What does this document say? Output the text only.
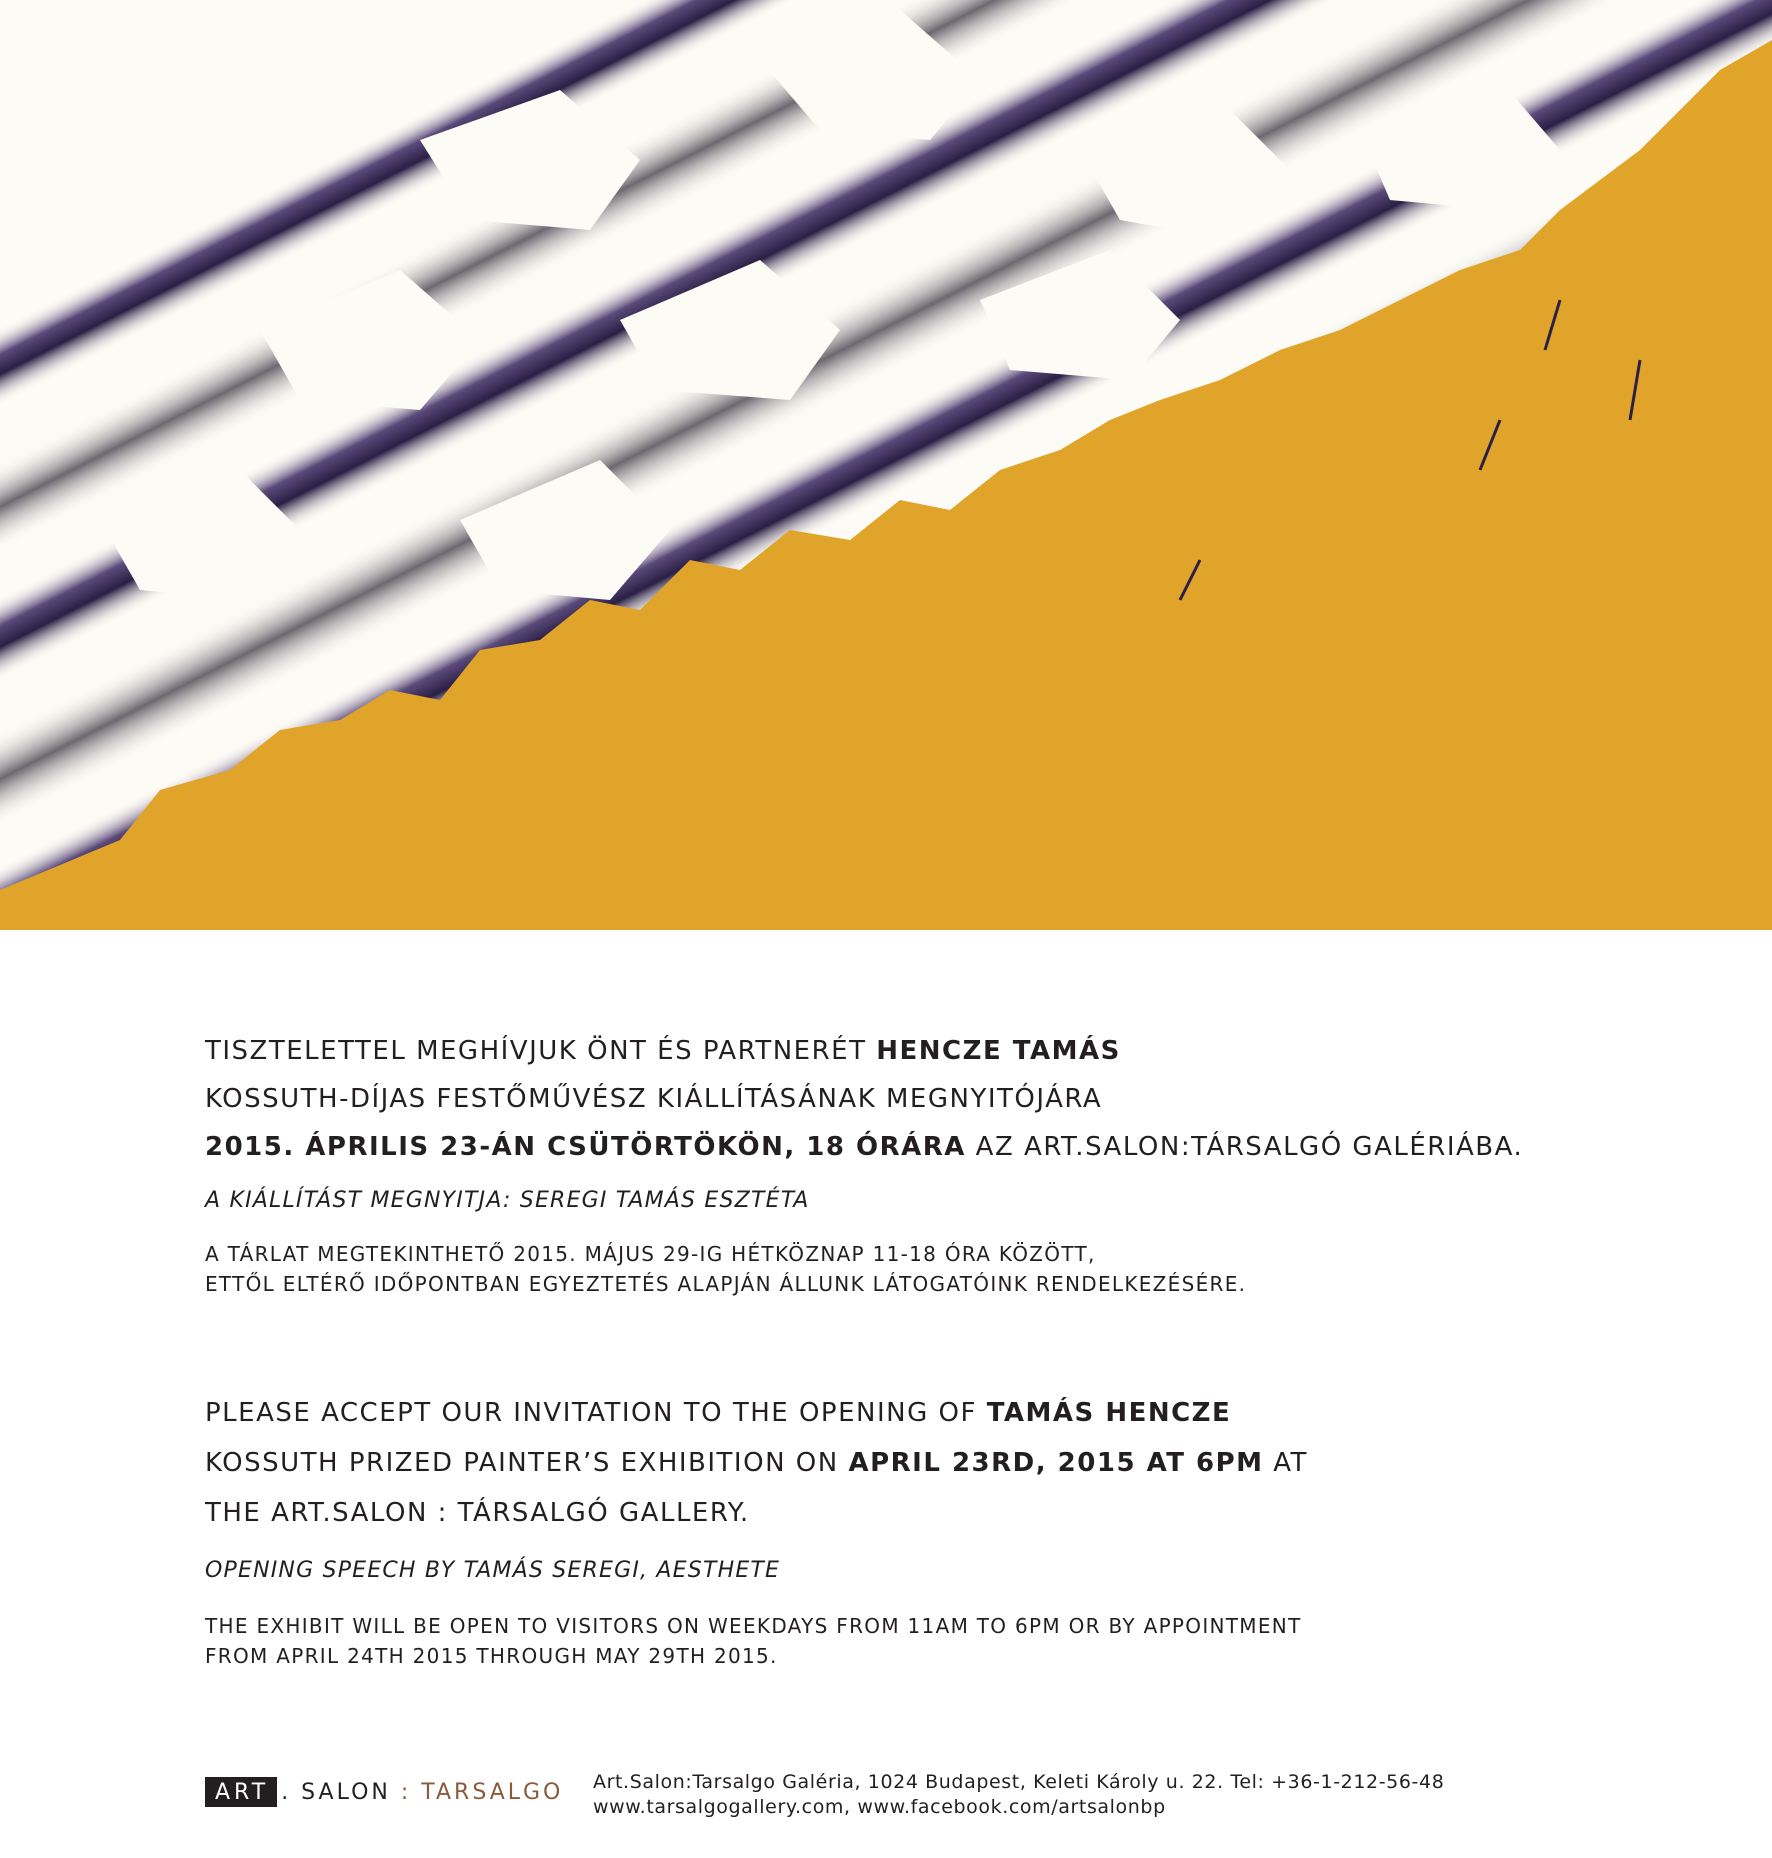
TISZTELETTEL MEGHÍVJUK ÖNT ÉS PARTNERÉT HENCZE TAMÁS

KOSSUTH-DÍJAS FESTŐMŰVÉSZ KIÁLLÍTÁSÁNAK MEGNYITÓJÁRA

2015. ÁPRILIS 23-ÁN CSÜTÖRTÖKÖN, 18 ÓRÁRA AZ ART.SALON:TÁRSALGÓ GALÉRIÁBA.

A KIÁLLÍTÁST MEGNYITJA: SEREGI TAMÁS ESZTÉTA

A TÁRLAT MEGTEKINTHETŐ 2015. MÁJUS 29-IG HÉTKÖZNAP 11-18 ÓRA KÖZÖTT,

ETTŐL ELTÉRŐ IDŐPONTBAN EGYEZTETÉS ALAPJÁN ÁLLUNK LÁTOGATÓINK RENDELKEZÉSÉRE.

PLEASE ACCEPT OUR INVITATION TO THE OPENING OF TAMÁS HENCZE

KOSSUTH PRIZED PAINTER’S EXHIBITION ON APRIL 23RD, 2015 AT 6PM AT

THE ART.SALON : TÁRSALGÓ GALLERY.

OPENING SPEECH BY TAMÁS SEREGI, AESTHETE

THE EXHIBIT WILL BE OPEN TO VISITORS ON WEEKDAYS FROM 11AM TO 6PM OR BY APPOINTMENT

FROM APRIL 24TH 2015 THROUGH MAY 29TH 2015.

ART . SALON : TARSALGO Art.Salon:Tarsalgo Galéria, 1024 Budapest, Keleti Károly u. 22. Tel: +36-1-212-56-48
www.tarsalgogallery.com, www.facebook.com/artsalonbp
